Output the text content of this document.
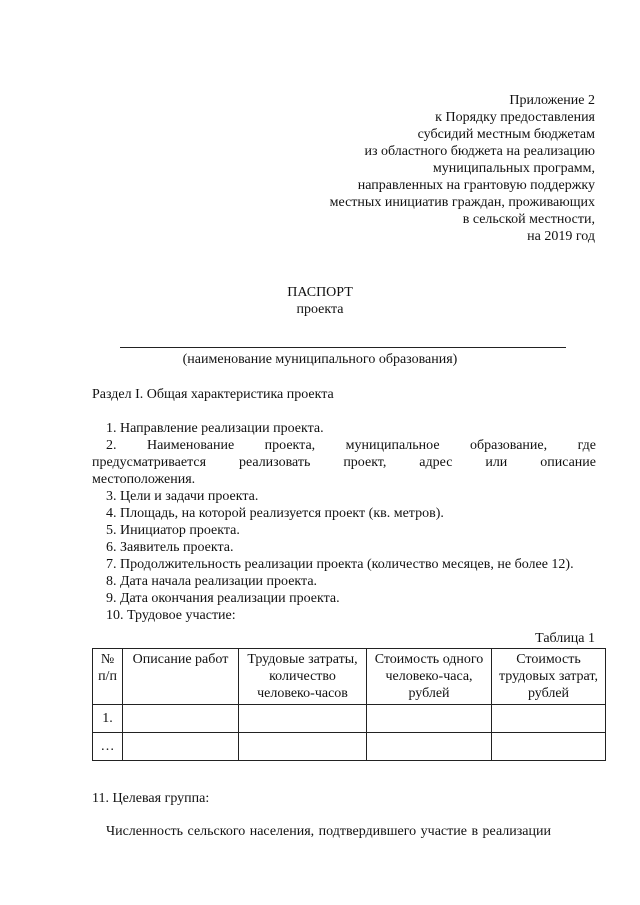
Приложение 2
к Порядку предоставления
субсидий местным бюджетам
из областного бюджета на реализацию
муниципальных программ,
направленных на грантовую поддержку
местных инициатив граждан, проживающих
в сельской местности,
на 2019 год
ПАСПОРТ
проекта
(наименование муниципального образования)
Раздел I. Общая характеристика проекта
1. Направление реализации проекта.
2. Наименование проекта, муниципальное образование, где предусматривается реализовать проект, адрес или описание местоположения.
3. Цели и задачи проекта.
4. Площадь, на которой реализуется проект (кв. метров).
5. Инициатор проекта.
6. Заявитель проекта.
7. Продолжительность реализации проекта (количество месяцев, не более 12).
8. Дата начала реализации проекта.
9. Дата окончания реализации проекта.
10. Трудовое участие:
Таблица 1
№ п/п	Описание работ	Трудовые затраты, количество человеко-часов	Стоимость одного человеко-часа, рублей	Стоимость трудовых затрат, рублей
1.				
…				
11. Целевая группа:
Численность сельского населения, подтвердившего участие в реализации
